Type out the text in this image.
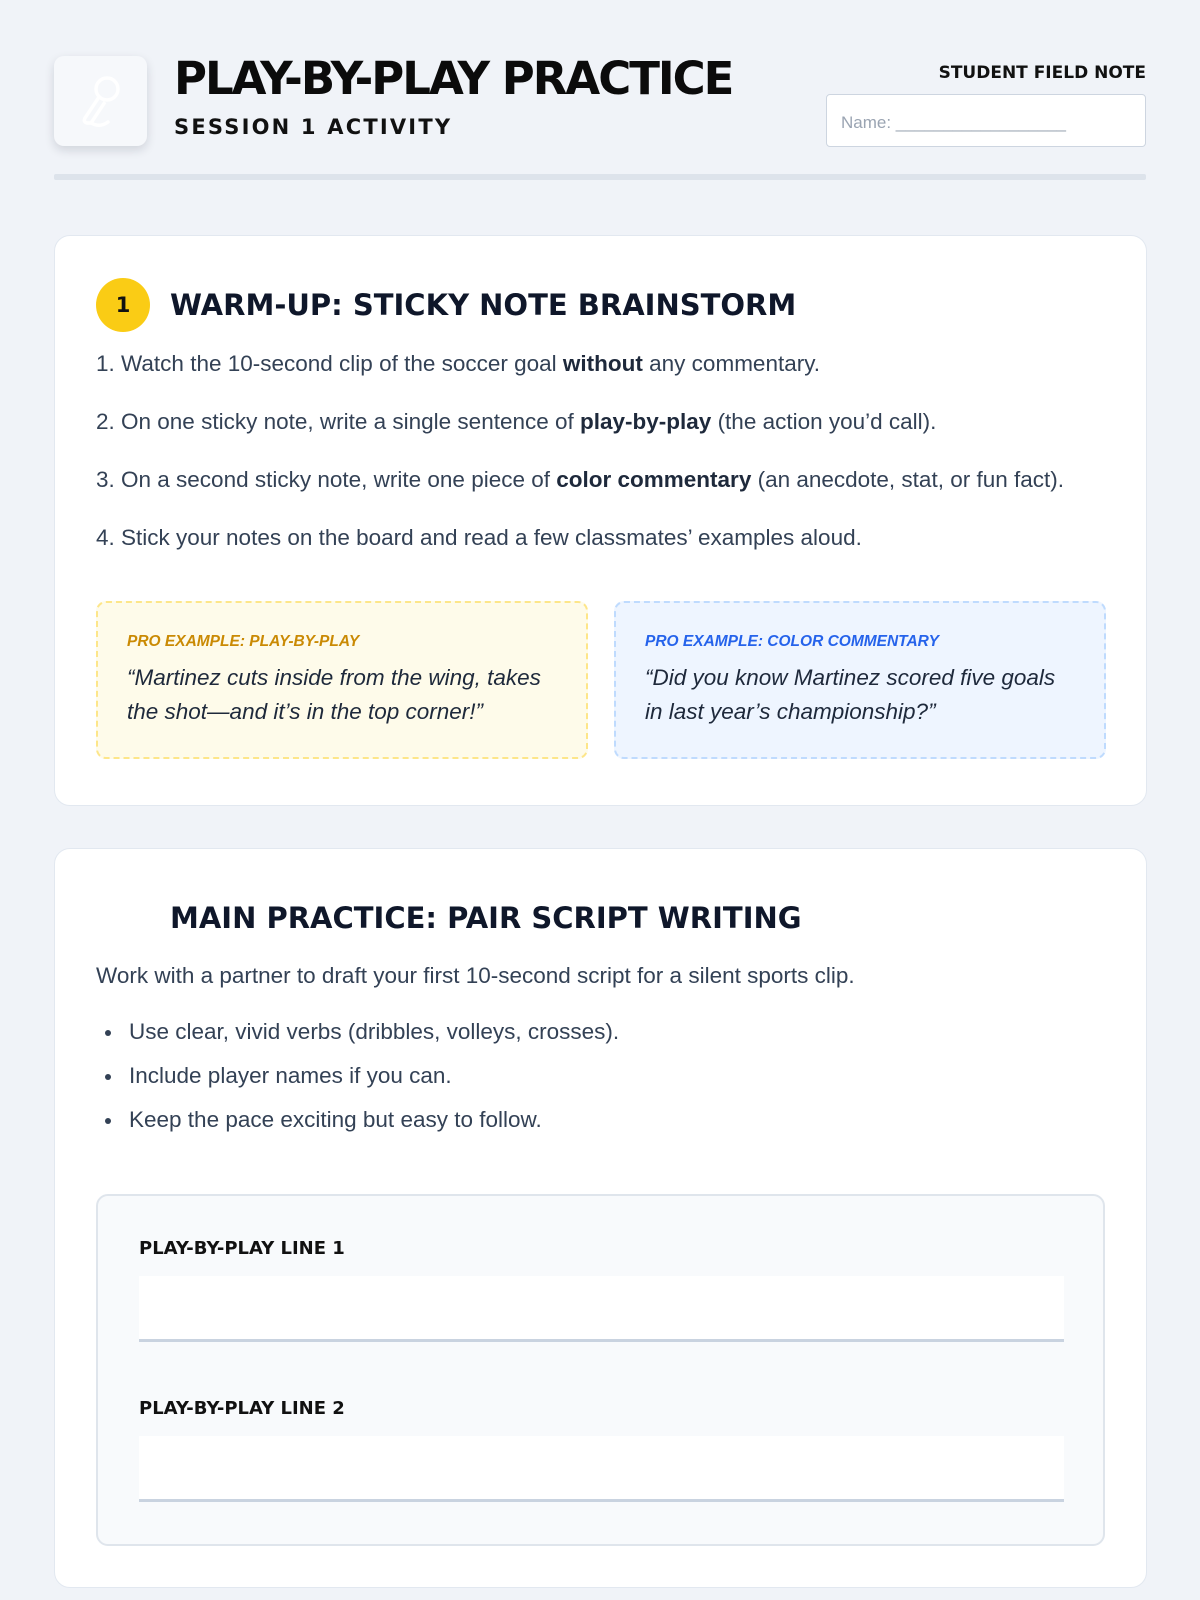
PLAY-BY-PLAY PRACTICE
SESSION 1 ACTIVITY
STUDENT FIELD NOTE
Name: __________________
1	WARM-UP: STICKY NOTE BRAINSTORM

1. Watch the 10-second clip of the soccer goal without any commentary.

2. On one sticky note, write a single sentence of play-by-play (the action you’d call).

3. On a second sticky note, write one piece of color commentary (an anecdote, stat, or fun fact).

4. Stick your notes on the board and read a few classmates’ examples aloud.

PRO EXAMPLE: PLAY-BY-PLAY
“Martinez cuts inside from the wing, takes the shot—and it’s in the top corner!”
PRO EXAMPLE: COLOR COMMENTARY
“Did you know Martinez scored five goals in last year’s championship?”
MAIN PRACTICE: PAIR SCRIPT WRITING

Work with a partner to draft your first 10-second script for a silent sports clip.

Use clear, vivid verbs (dribbles, volleys, crosses).
Include player names if you can.
Keep the pace exciting but easy to follow.
PLAY-BY-PLAY LINE 1
PLAY-BY-PLAY LINE 2
